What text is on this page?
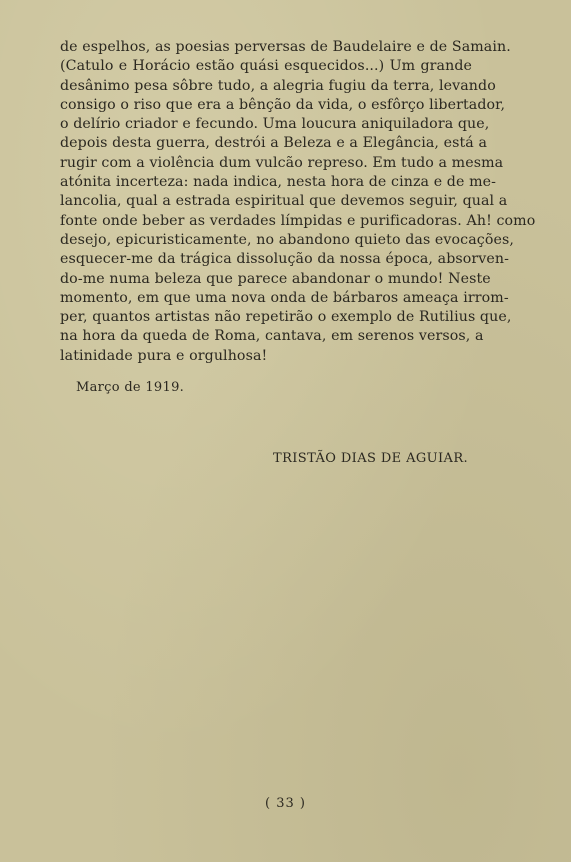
de espelhos, as poesias perversas de Baudelaire e de Samain.
(Catulo e Horácio estão quási esquecidos...) Um grande
desânimo pesa sôbre tudo, a alegria fugiu da terra, levando
consigo o riso que era a bênção da vida, o esfôrço libertador,
o delírio criador e fecundo. Uma loucura aniquiladora que,
depois desta guerra, destrói a Beleza e a Elegância, está a
rugir com a violência dum vulcão represo. Em tudo a mesma
atónita incerteza: nada indica, nesta hora de cinza e de me-
lancolia, qual a estrada espiritual que devemos seguir, qual a
fonte onde beber as verdades límpidas e purificadoras. Ah! como
desejo, epicuristicamente, no abandono quieto das evocações,
esquecer-me da trágica dissolução da nossa época, absorven-
do-me numa beleza que parece abandonar o mundo! Neste
momento, em que uma nova onda de bárbaros ameaça irrom-
per, quantos artistas não repetirão o exemplo de Rutilius que,
na hora da queda de Roma, cantava, em serenos versos, a
latinidade pura e orgulhosa!
Março de 1919.
TRISTÃO DIAS DE AGUIAR.
( 33 )
